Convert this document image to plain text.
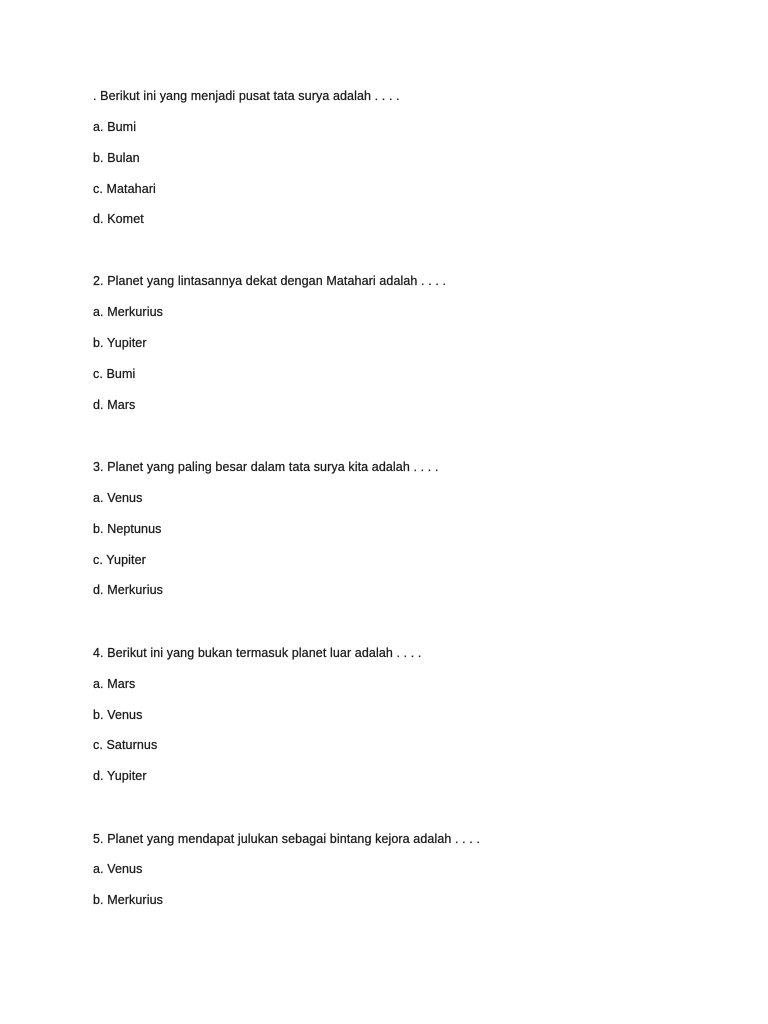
. Berikut ini yang menjadi pusat tata surya adalah . . . .
a. Bumi
b. Bulan
c. Matahari
d. Komet
2. Planet yang lintasannya dekat dengan Matahari adalah . . . .
a. Merkurius
b. Yupiter
c. Bumi
d. Mars
3. Planet yang paling besar dalam tata surya kita adalah . . . .
a. Venus
b. Neptunus
c. Yupiter
d. Merkurius
4. Berikut ini yang bukan termasuk planet luar adalah . . . .
a. Mars
b. Venus
c. Saturnus
d. Yupiter
5. Planet yang mendapat julukan sebagai bintang kejora adalah . . . .
a. Venus
b. Merkurius
